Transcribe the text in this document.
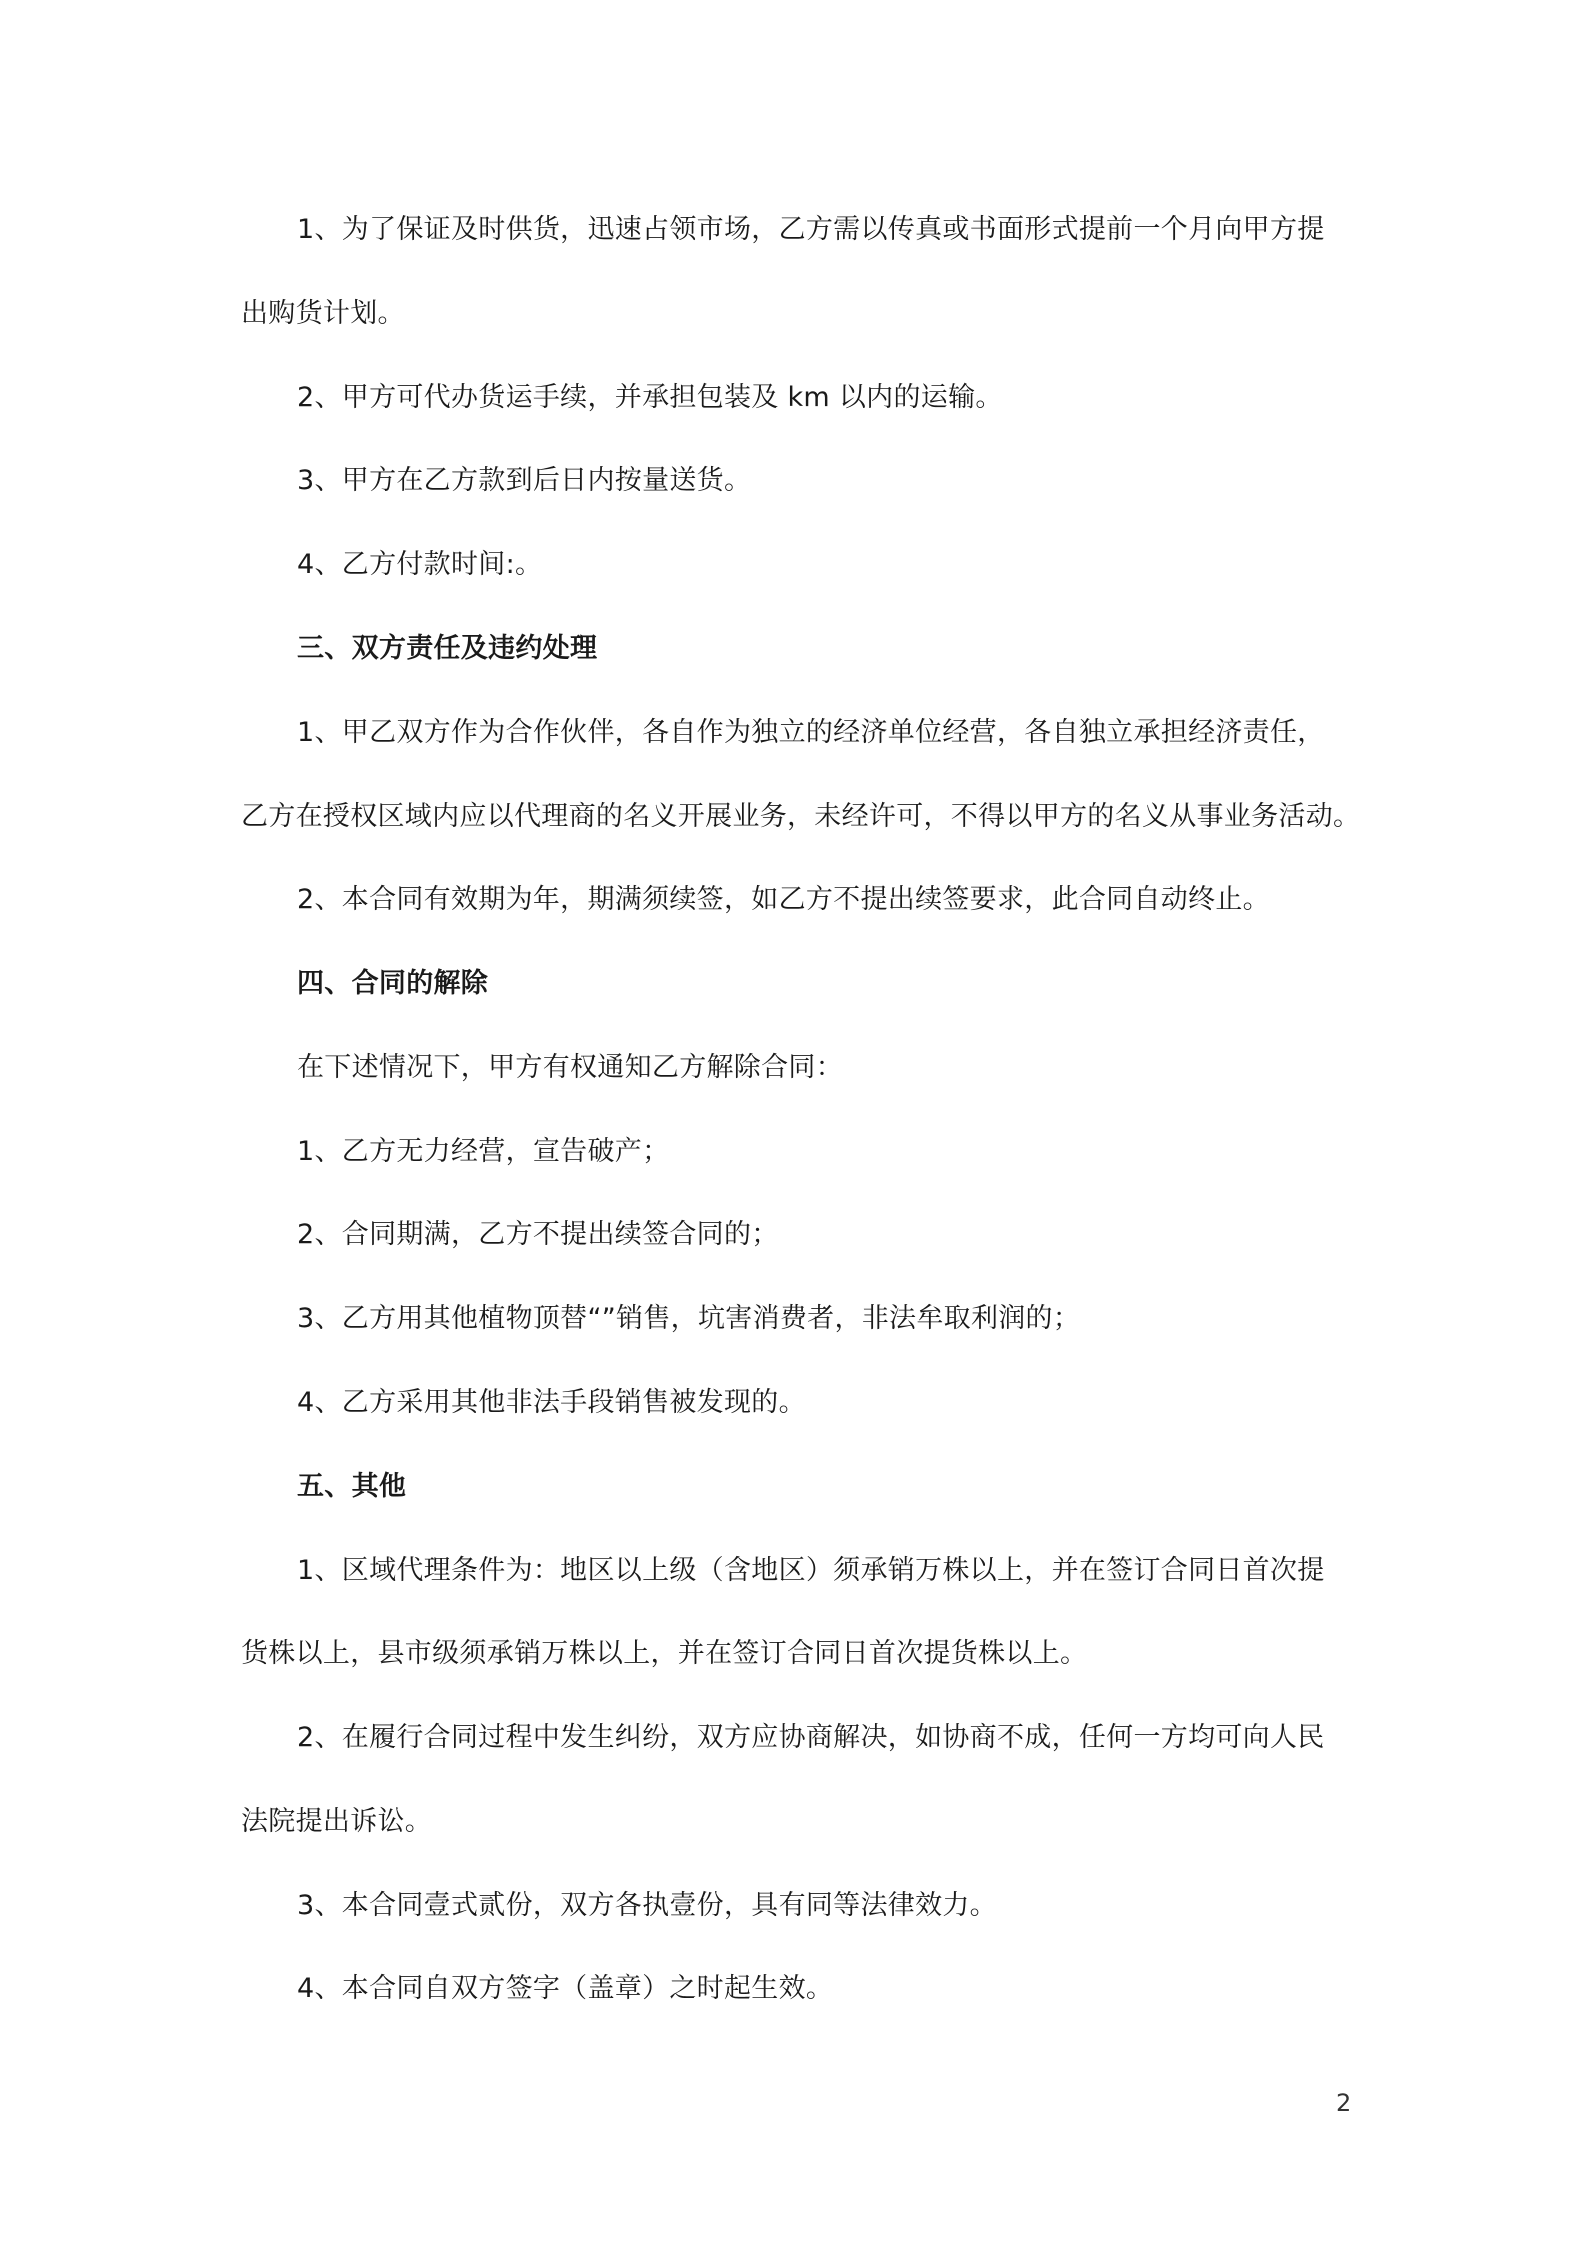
1、为了保证及时供货，迅速占领市场，乙方需以传真或书面形式提前一个月向甲方提
出购货计划。
2、甲方可代办货运手续，并承担包装及 km 以内的运输。
3、甲方在乙方款到后日内按量送货。
4、乙方付款时间:。
三、双方责任及违约处理
1、甲乙双方作为合作伙伴，各自作为独立的经济单位经营，各自独立承担经济责任，
乙方在授权区域内应以代理商的名义开展业务，未经许可，不得以甲方的名义从事业务活动。
2、本合同有效期为年，期满须续签，如乙方不提出续签要求，此合同自动终止。
四、合同的解除
在下述情况下，甲方有权通知乙方解除合同：
1、乙方无力经营，宣告破产；
2、合同期满，乙方不提出续签合同的；
3、乙方用其他植物顶替“”销售，坑害消费者，非法牟取利润的；
4、乙方采用其他非法手段销售被发现的。
五、其他
1、区域代理条件为：地区以上级（含地区）须承销万株以上，并在签订合同日首次提
货株以上，县市级须承销万株以上，并在签订合同日首次提货株以上。
2、在履行合同过程中发生纠纷，双方应协商解决，如协商不成，任何一方均可向人民
法院提出诉讼。
3、本合同壹式贰份，双方各执壹份，具有同等法律效力。
4、本合同自双方签字（盖章）之时起生效。
2
